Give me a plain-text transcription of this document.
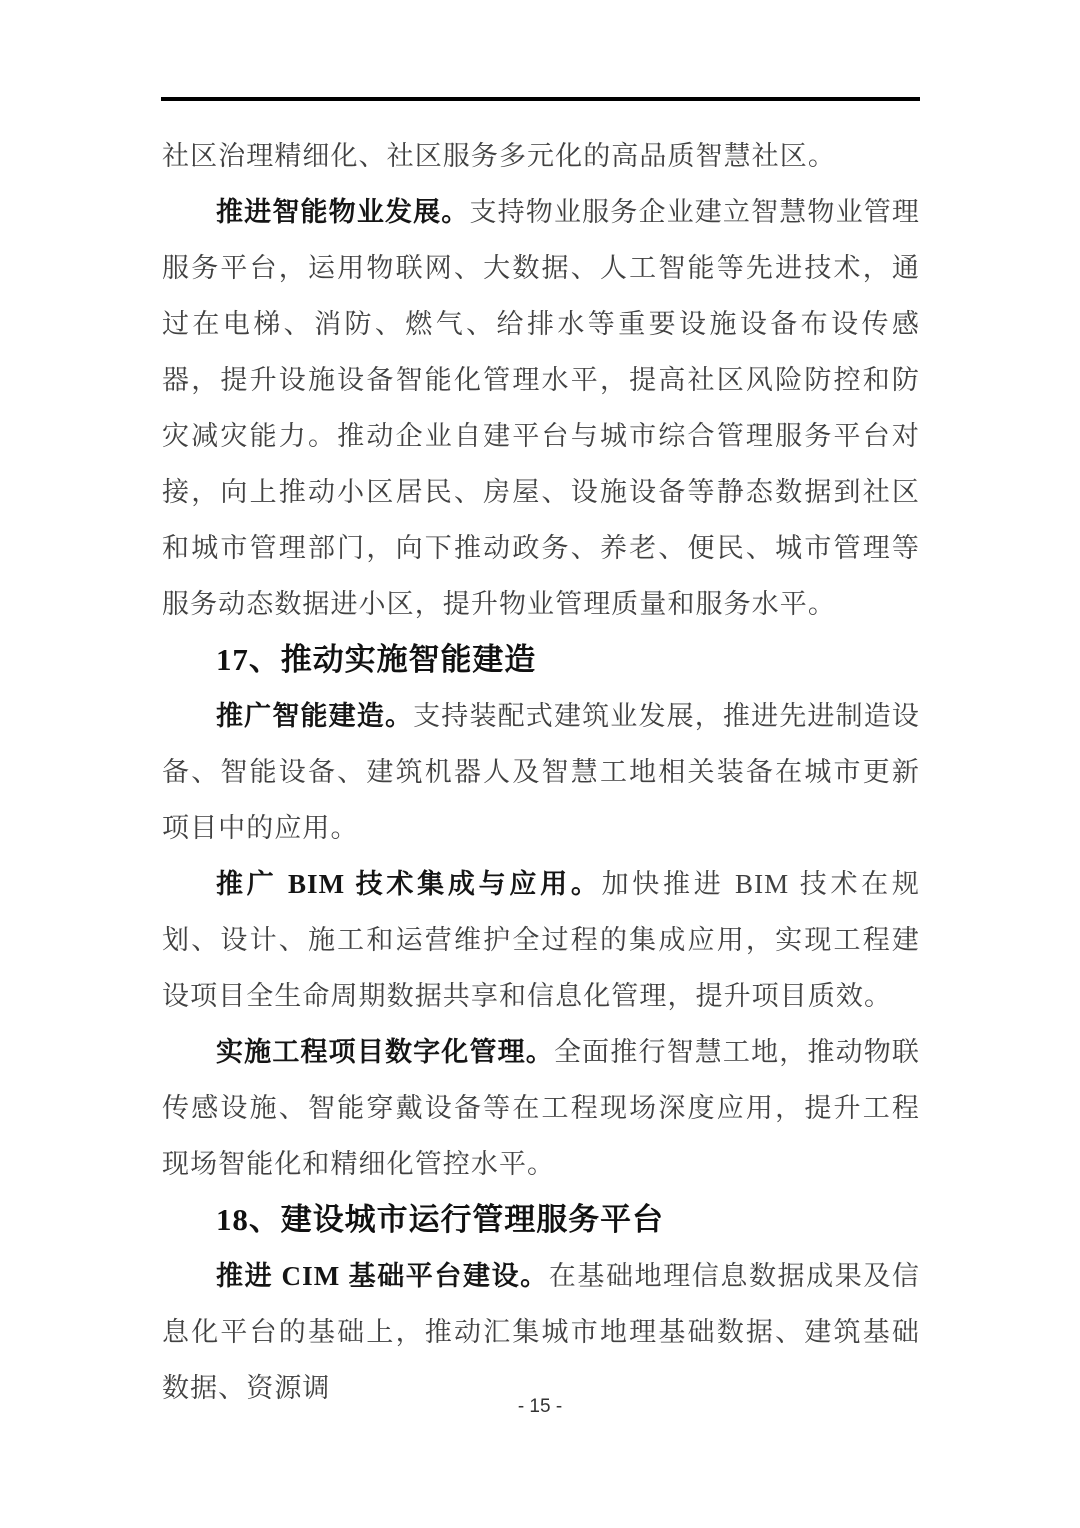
社区治理精细化、社区服务多元化的高品质智慧社区。

推进智能物业发展。支持物业服务企业建立智慧物业管理服务平台，运用物联网、大数据、人工智能等先进技术，通过在电梯、消防、燃气、给排水等重要设施设备布设传感器，提升设施设备智能化管理水平，提高社区风险防控和防灾减灾能力。推动企业自建平台与城市综合管理服务平台对接，向上推动小区居民、房屋、设施设备等静态数据到社区和城市管理部门，向下推动政务、养老、便民、城市管理等服务动态数据进小区，提升物业管理质量和服务水平。

17、推动实施智能建造

推广智能建造。支持装配式建筑业发展，推进先进制造设备、智能设备、建筑机器人及智慧工地相关装备在城市更新项目中的应用。

推广 BIM 技术集成与应用。加快推进 BIM 技术在规划、设计、施工和运营维护全过程的集成应用，实现工程建设项目全生命周期数据共享和信息化管理，提升项目质效。

实施工程项目数字化管理。全面推行智慧工地，推动物联传感设施、智能穿戴设备等在工程现场深度应用，提升工程现场智能化和精细化管控水平。

18、建设城市运行管理服务平台

推进 CIM 基础平台建设。在基础地理信息数据成果及信息化平台的基础上，推动汇集城市地理基础数据、建筑基础数据、资源调

- 15 -
